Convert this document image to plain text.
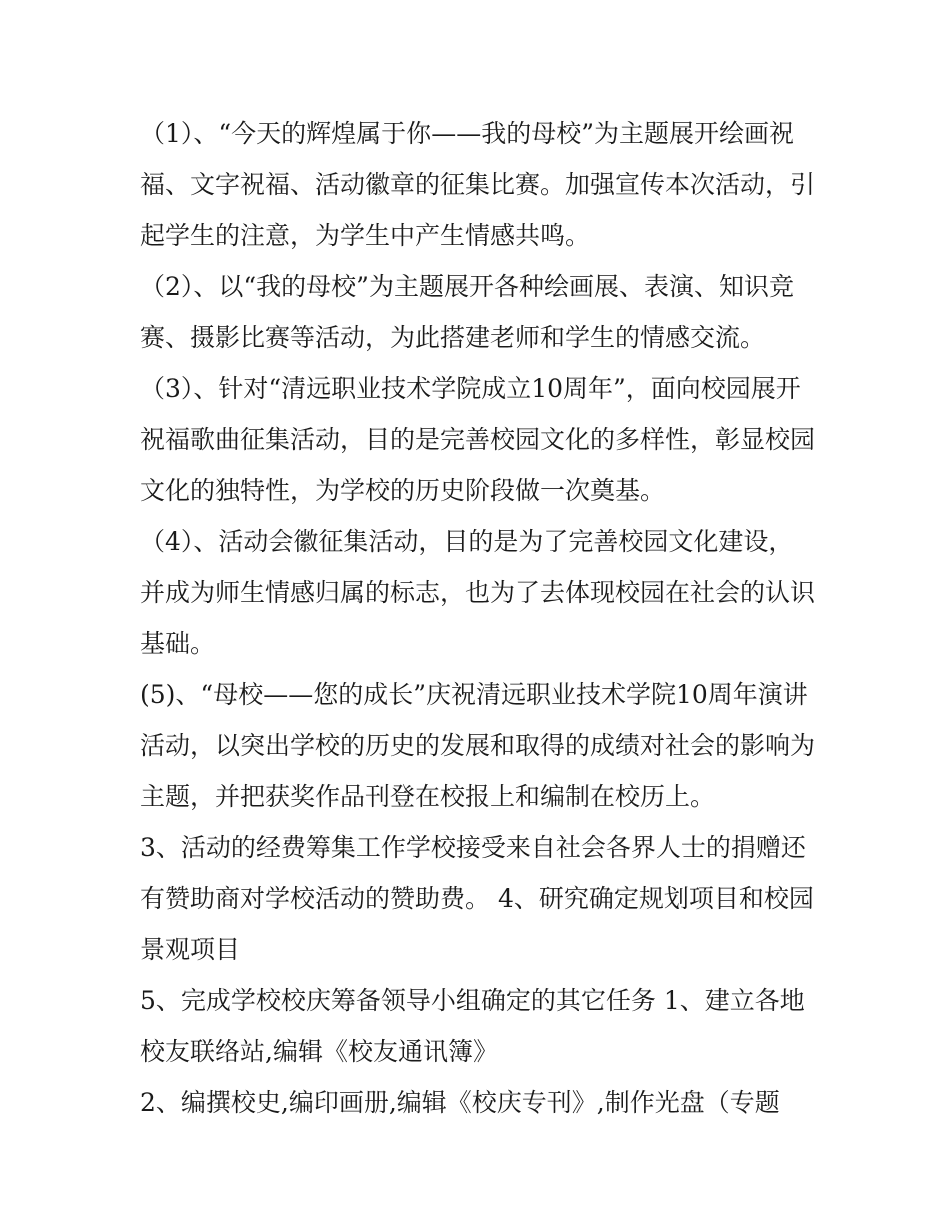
（1）、“今天的辉煌属于你——我的母校”为主题展开绘画祝
福、文字祝福、活动徽章的征集比赛。加强宣传本次活动，引
起学生的注意，为学生中产生情感共鸣。

（2）、以“我的母校”为主题展开各种绘画展、表演、知识竞
赛、摄影比赛等活动，为此搭建老师和学生的情感交流。

（3）、针对“清远职业技术学院成立10周年”，面向校园展开
祝福歌曲征集活动，目的是完善校园文化的多样性，彰显校园
文化的独特性，为学校的历史阶段做一次奠基。

（4）、活动会徽征集活动，目的是为了完善校园文化建设，
并成为师生情感归属的标志，也为了去体现校园在社会的认识
基础。

(5)、“母校——您的成长”庆祝清远职业技术学院10周年演讲
活动，以突出学校的历史的发展和取得的成绩对社会的影响为
主题，并把获奖作品刊登在校报上和编制在校历上。

3、活动的经费筹集工作学校接受来自社会各界人士的捐赠还
有赞助商对学校活动的赞助费。 4、研究确定规划项目和校园
景观项目

5、完成学校校庆筹备领导小组确定的其它任务 1、建立各地
校友联络站,编辑《校友通讯簿》

2、编撰校史,编印画册,编辑《校庆专刊》,制作光盘（专题
